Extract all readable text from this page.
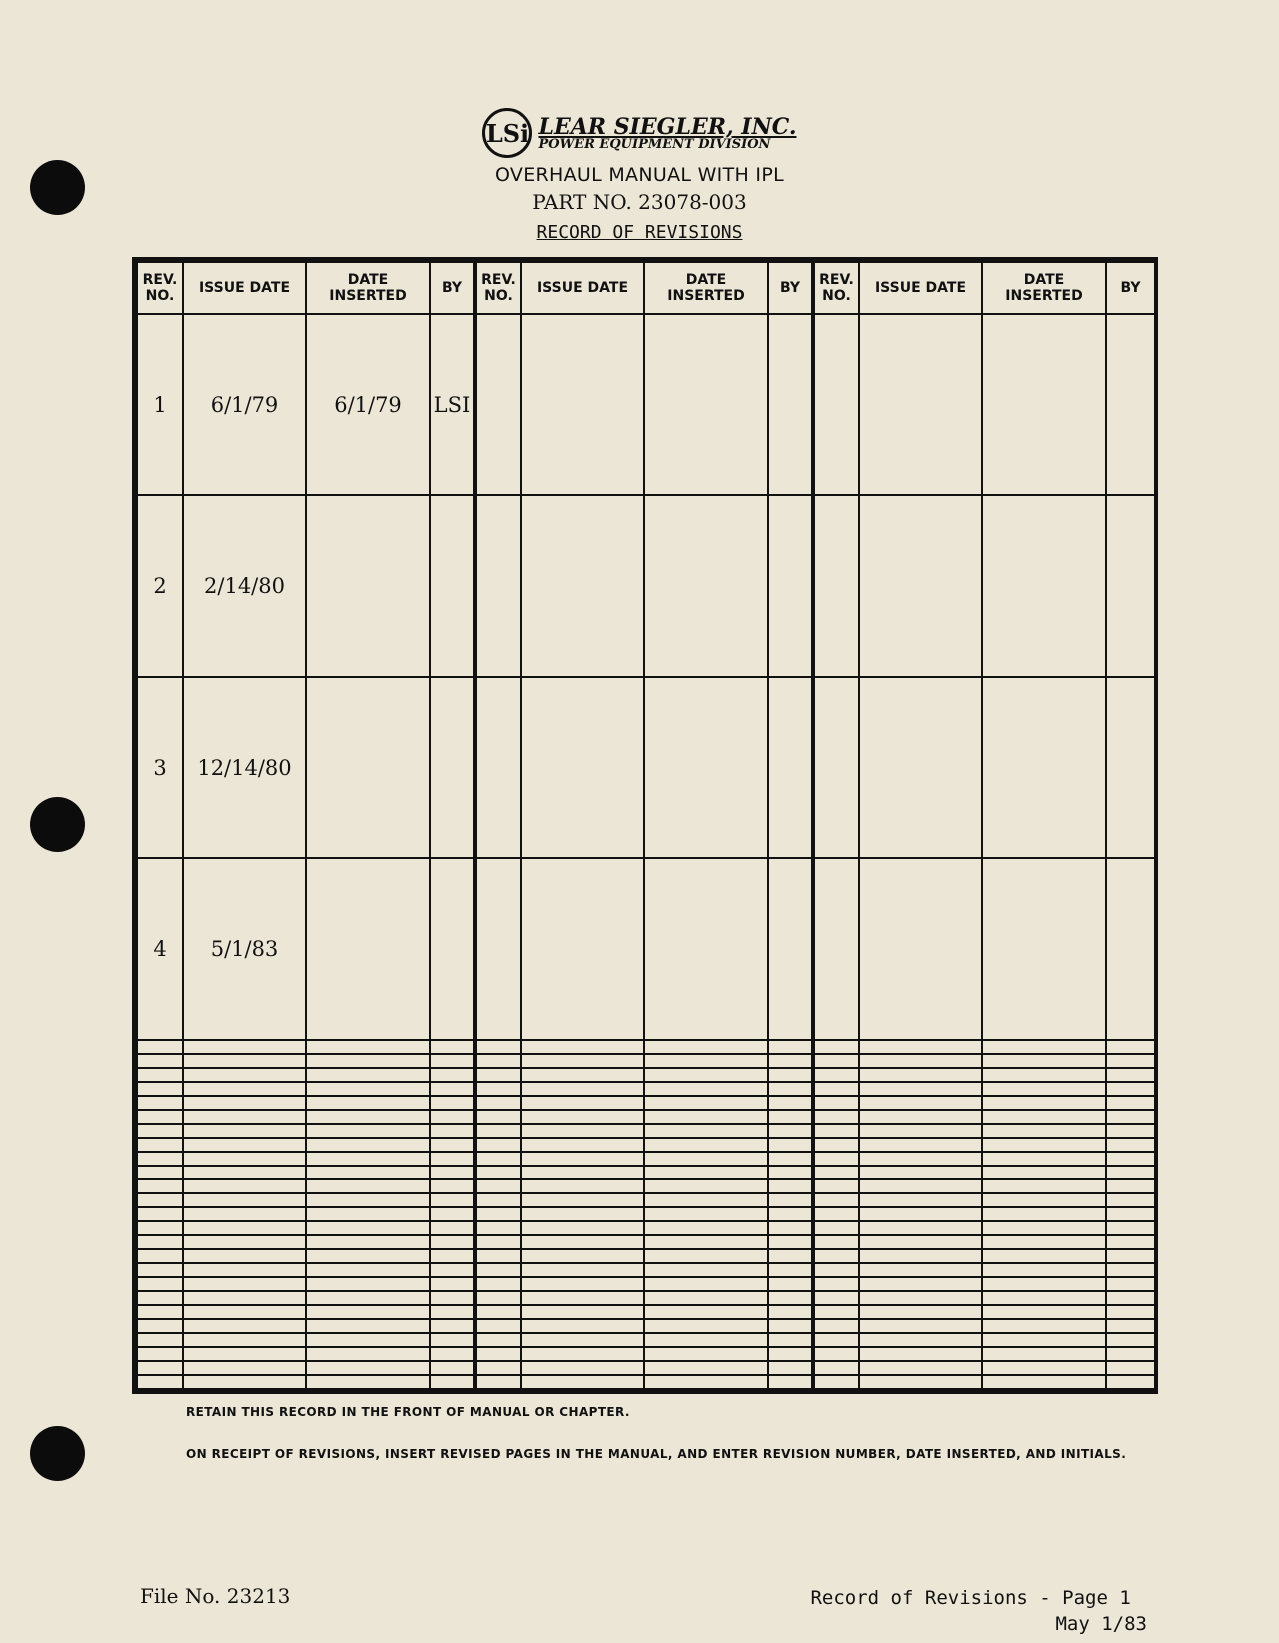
LSi LEAR SIEGLER, INC.
POWER EQUIPMENT DIVISION
OVERHAUL MANUAL WITH IPL
PART NO. 23078-003
RECORD OF REVISIONS
REV. NO.	ISSUE DATE	DATE INSERTED	BY	REV. NO.	ISSUE DATE	DATE INSERTED	BY	REV. NO.	ISSUE DATE	DATE INSERTED	BY
1	6/1/79	6/1/79	LSI								
2	2/14/80										
3	12/14/80										
4	5/1/83										

RETAIN THIS RECORD IN THE FRONT OF MANUAL OR CHAPTER.
ON RECEIPT OF REVISIONS, INSERT REVISED PAGES IN THE MANUAL, AND ENTER REVISION NUMBER, DATE INSERTED, AND INITIALS.
File No. 23213	Record of Revisions - Page 1
May 1/83
